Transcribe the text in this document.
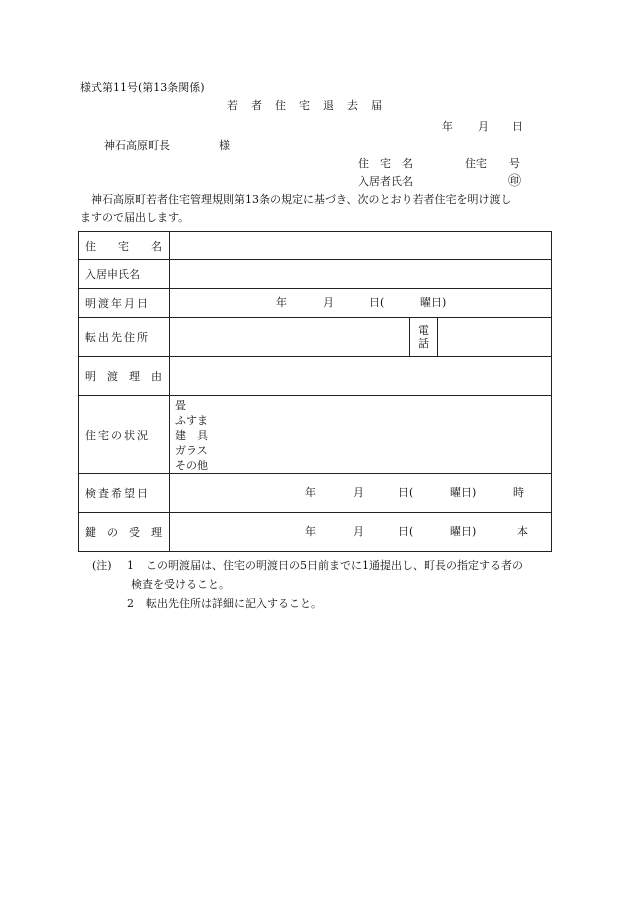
様式第11号(第13条関係)
若　者　住　宅　退　去　届
年 月 日
神石高原町長	様
住　宅　名	住宅　　号
入居者氏名	㊞
神石高原町若者住宅管理規則第13条の規定に基づき、次のとおり若者住宅を明け渡し
ますので届出します。
住　　宅　　名			

入居申氏名			

明渡年月日	年 月 日( 曜日)		

転出先住所		電
話	

明　渡　理　由			
住宅の状況	畳
ふすま
建　具
ガラス
その他		

検査希望日	年 月 日( 曜日) 時		

鍵　の　受　理	年 月 日( 曜日) 本		
(注) 1 この明渡届は、住宅の明渡日の5日前までに1通提出し、町長の指定する者の
検査を受けること。
2 転出先住所は詳細に記入すること。
